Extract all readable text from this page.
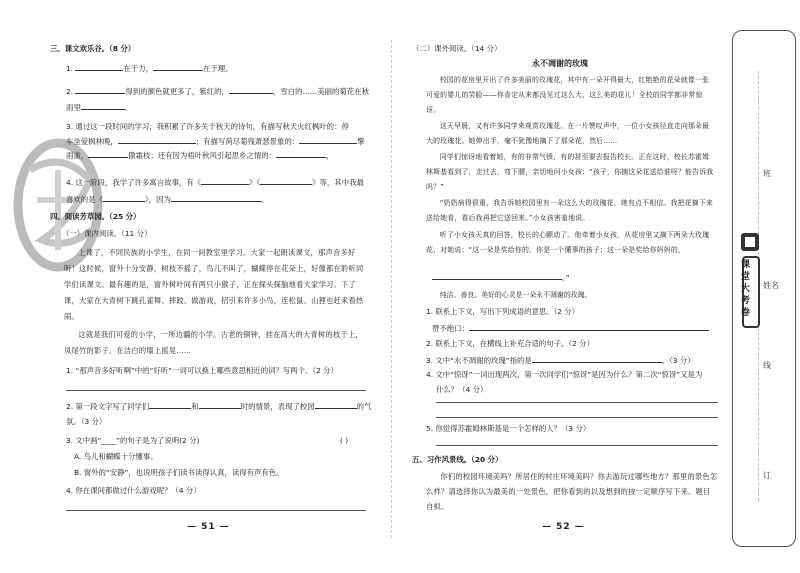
三、课文欢乐谷。（8 分）
1.	在于力，	在于理。
2.	得到的颜色就更多了，紫红的，	，雪白的……美丽的菊花在秋
雨里	。
3. 通过这一段时间的学习，我积累了许多关于秋天的诗句，有描写秋天火红枫叶的：停
车坐爱枫林晚，	；有描写荷尽菊残萧瑟景象的：	擎
雨盖，	傲霜枝；还有因为梧叶秋风引起思乡之情的：	，
4. 这一阶段，我学了许多寓言故事，有《	》《	》等，其中我最
喜欢的是《	》，因为	。
四、阅读芳草园。（25 分）
（一）课内阅读。（11 分）
上课了，不同民族的小学生，在同一间教室里学习。大家一起朗读课文，那声音多好听！这时候，窗外十分安静，树枝不摇了，鸟儿不叫了，蝴蝶停在花朵上，好像都在聆听同学们读课文。最有趣的是，窗外树叶间有两只小猴子，正在探头探脑地看大家学习。下了课，大家在大青树下跳孔雀舞、摔跤、做游戏，招引来许多小鸟，连松鼠、山狸也赶来看热闹。
这就是我们可爱的小学，一所边疆的小学。古老的铜钟，挂在高大的大青树的枝干上，凤尾竹的影子，在洁白的墙上摇晃……
1. “那声音多好听啊”中的“好听”一词可以换上哪些意思相近的词？写两个。（2 分）
2. 第一段文字写了同学们	和	时的情景，表现了校园	的气
氛。（3 分）
3. 文中画“____”的句子是为了说明(2 分)	( )
A. 鸟儿和蝴蝶十分懂事。
B. 窗外的“安静”，也说明孩子们读书读得认真，读得有声有色。
4. 你在课间都做过什么游戏呢？（4 分）
— 51 —
（二）课外阅读。（14 分）
永不凋谢的玫瑰
校园的花房里开出了许多美丽的玫瑰花，其中有一朵开得最大，红艳艳的花朵就像一张可爱的婴儿的笑脸——你肯定从来都没见过这么大、这么美的花儿！全校的同学都非常惊讶。
这天早晨，又有许多同学来观赏玫瑰花。在一片赞叹声中，一位小女孩径直走向那朵最大的玫瑰花。她伸出手，毫不犹豫地摘下了那朵花，然后……
同学们惊讶地看着她，有的非常气愤，有的甚至要去报告校长。正在这时，校长苏霍姆林斯基看到了，走过去，弯下腰，亲切地问小女孩：“孩子，你摘这朵花送给谁呀？能告诉我吗？”
“奶奶病得很重，我告诉她校园里有一朵这么大的玫瑰花，她有点不相信。我把花摘下来送给她看，看后我再把它送回来。”小女孩害羞地说。
听了小女孩天真的回答，校长的心颤动了。他牵着小女孩，从花房里又摘下两朵大玫瑰花，对她说：“这一朵是奖给你的，你是一个懂事的孩子；这一朵是奖给你妈妈的，
。”
纯洁、善良、美好的心灵是一朵永不凋谢的玫瑰。
1. 联系上下文，写出下列成语的意思。（2 分）
赞不绝口：
2. 联系上下文，在横线上补充合适的句子。（2 分）
3. 文中“永不凋谢的玫瑰”指的是	。（3 分）
4. 文中“惊讶”一词出现两次，第一次同学们“惊讶”是因为什么？第二次“惊讶”又是为
什么？（4 分）
5. 你觉得苏霍姆林斯基是一个怎样的人？（3 分）
五、习作风景线。（20 分）
你们的校园环境美吗？所居住的村庄环境美吗？你去游玩过哪些地方？那里的景色怎么样？请选择你认为最美的一处景色，把你看到的以及想到的按一定顺序写下来。题目自拟。
— 52 —
班
姓名
线
订
课堂大考卷
